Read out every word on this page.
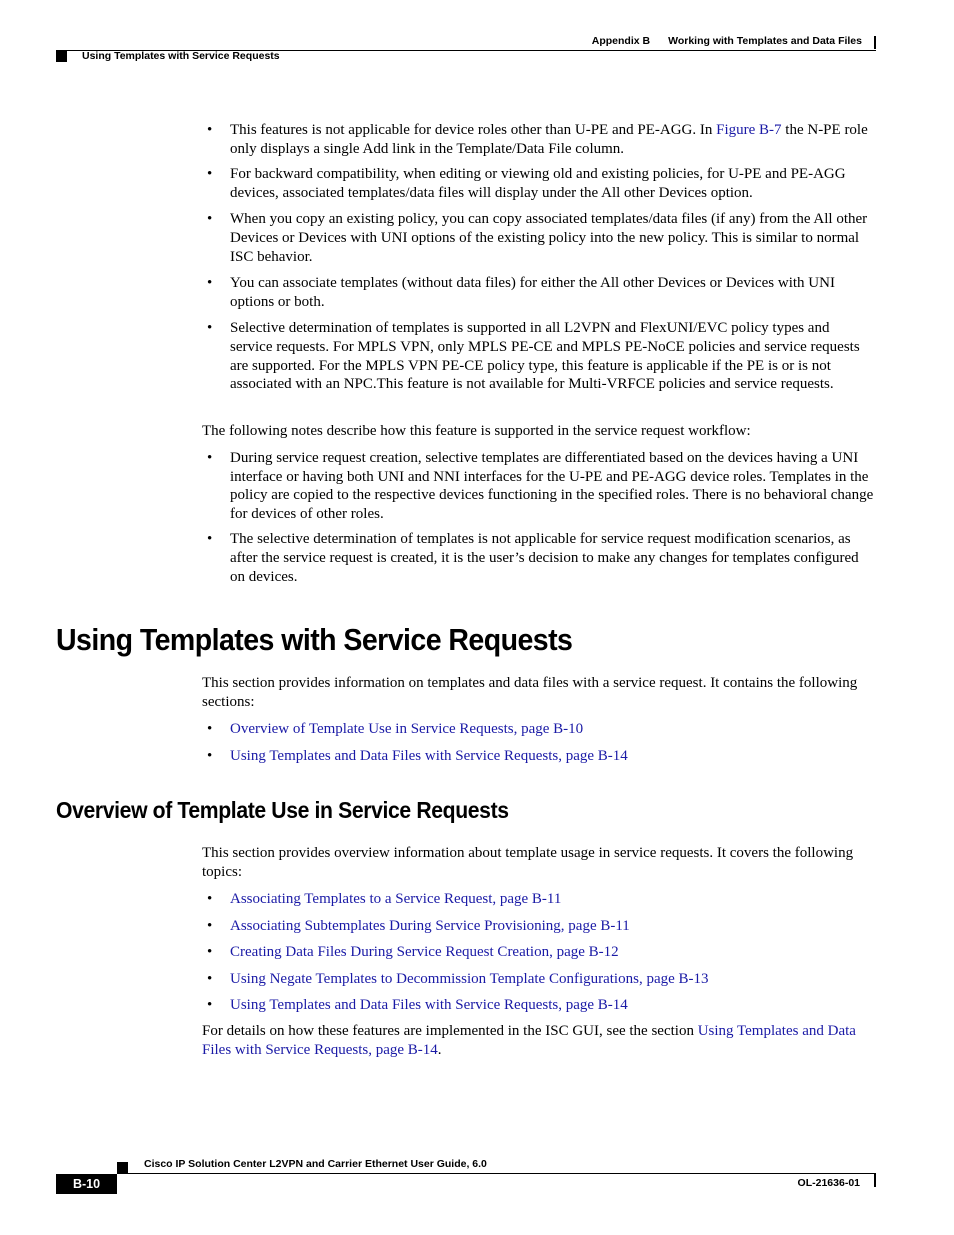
Appendix B Working with Templates and Data Files
Using Templates with Service Requests
• This features is not applicable for device roles other than U-PE and PE-AGG. In Figure B-7 the N-PE role only displays a single Add link in the Template/Data File column.
• For backward compatibility, when editing or viewing old and existing policies, for U-PE and PE-AGG devices, associated templates/data files will display under the All other Devices option.
• When you copy an existing policy, you can copy associated templates/data files (if any) from the All other Devices or Devices with UNI options of the existing policy into the new policy. This is similar to normal ISC behavior.
• You can associate templates (without data files) for either the All other Devices or Devices with UNI options or both.
• Selective determination of templates is supported in all L2VPN and FlexUNI/EVC policy types and service requests. For MPLS VPN, only MPLS PE-CE and MPLS PE-NoCE policies and service requests are supported. For the MPLS VPN PE-CE policy type, this feature is applicable if the PE is or is not associated with an NPC.This feature is not available for Multi-VRFCE policies and service requests.
The following notes describe how this feature is supported in the service request workflow:
• During service request creation, selective templates are differentiated based on the devices having a UNI interface or having both UNI and NNI interfaces for the U-PE and PE-AGG device roles. Templates in the policy are copied to the respective devices functioning in the specified roles. There is no behavioral change for devices of other roles.
• The selective determination of templates is not applicable for service request modification scenarios, as after the service request is created, it is the user’s decision to make any changes for templates configured on devices.
Using Templates with Service Requests
This section provides information on templates and data files with a service request. It contains the following sections:
• Overview of Template Use in Service Requests, page B-10
• Using Templates and Data Files with Service Requests, page B-14
Overview of Template Use in Service Requests
This section provides overview information about template usage in service requests. It covers the following topics:
• Associating Templates to a Service Request, page B-11
• Associating Subtemplates During Service Provisioning, page B-11
• Creating Data Files During Service Request Creation, page B-12
• Using Negate Templates to Decommission Template Configurations, page B-13
• Using Templates and Data Files with Service Requests, page B-14
For details on how these features are implemented in the ISC GUI, see the section Using Templates and Data Files with Service Requests, page B-14.
Cisco IP Solution Center L2VPN and Carrier Ethernet User Guide, 6.0
B-10	OL-21636-01
